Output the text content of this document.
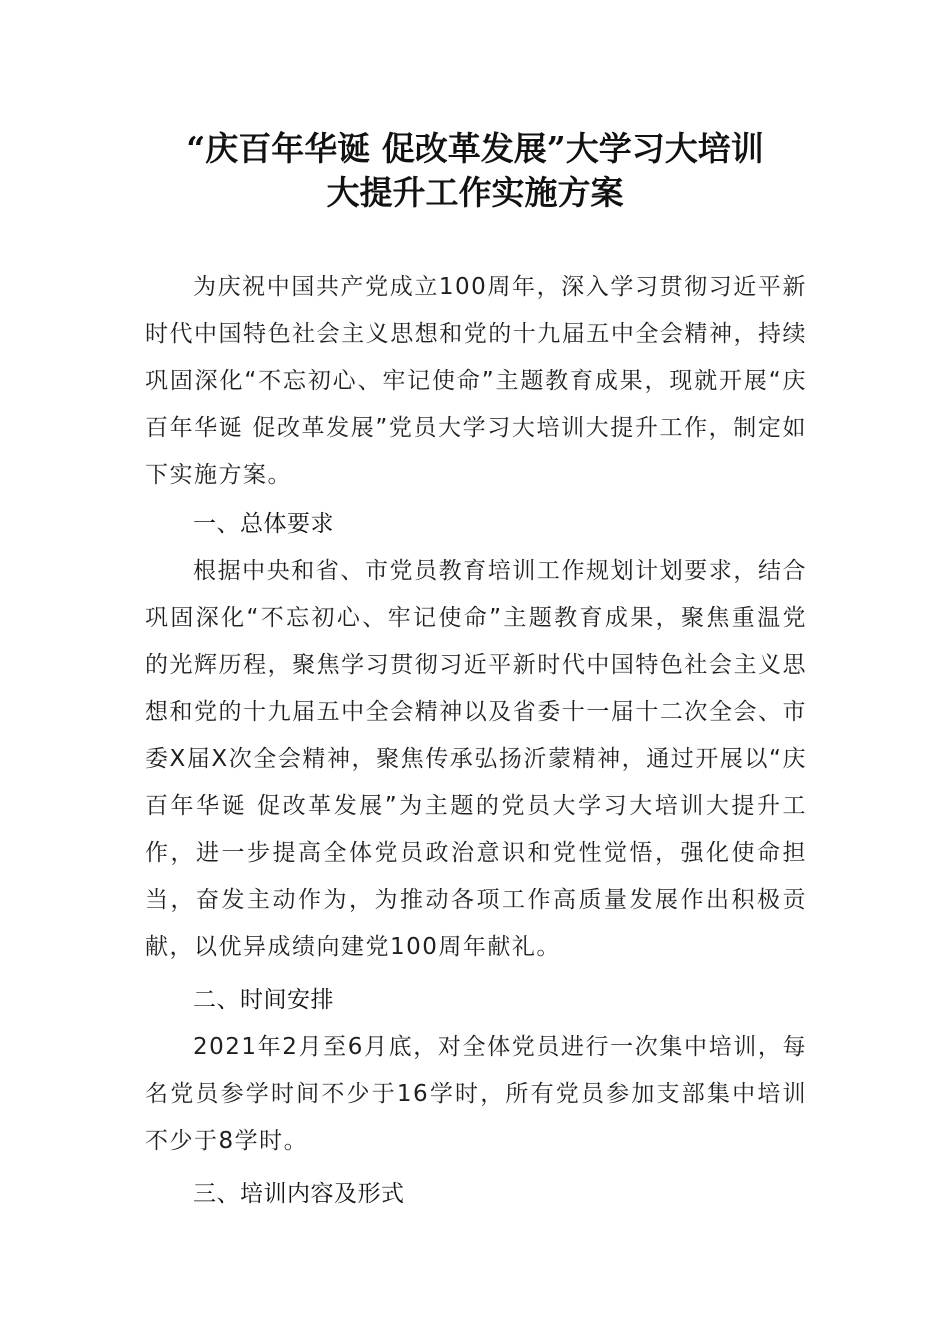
“庆百年华诞 促改革发展”大学习大培训
大提升工作实施方案

为庆祝中国共产党成立100周年，深入学习贯彻习近平新时代中国特色社会主义思想和党的十九届五中全会精神，持续巩固深化“不忘初心、牢记使命”主题教育成果，现就开展“庆百年华诞 促改革发展”党员大学习大培训大提升工作，制定如下实施方案。

一、总体要求

根据中央和省、市党员教育培训工作规划计划要求，结合巩固深化“不忘初心、牢记使命”主题教育成果，聚焦重温党的光辉历程，聚焦学习贯彻习近平新时代中国特色社会主义思想和党的十九届五中全会精神以及省委十一届十二次全会、市委X届X次全会精神，聚焦传承弘扬沂蒙精神，通过开展以“庆百年华诞 促改革发展”为主题的党员大学习大培训大提升工作，进一步提高全体党员政治意识和党性觉悟，强化使命担当，奋发主动作为，为推动各项工作高质量发展作出积极贡献，以优异成绩向建党100周年献礼。

二、时间安排

2021年2月至6月底，对全体党员进行一次集中培训，每名党员参学时间不少于16学时，所有党员参加支部集中培训不少于8学时。

三、培训内容及形式
